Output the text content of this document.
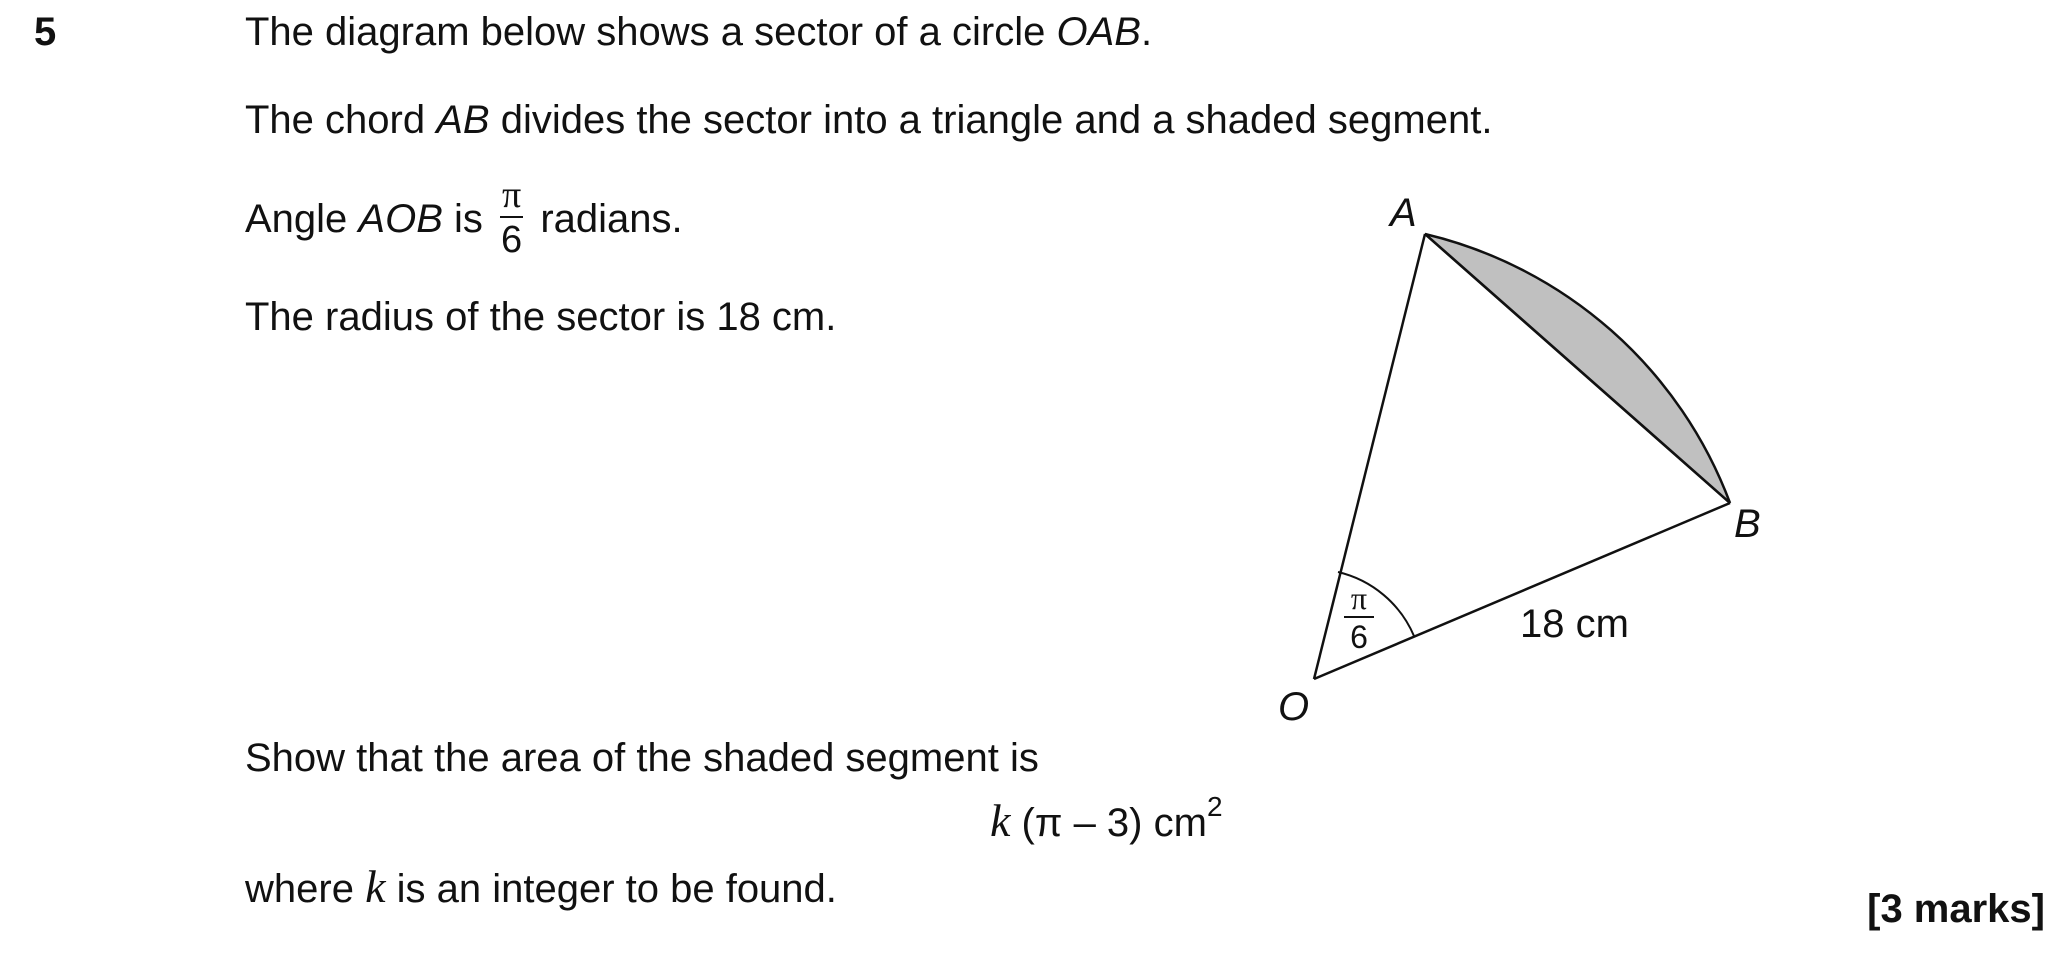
5	The diagram below shows a sector of a circle OAB.
The chord AB divides the sector into a triangle and a shaded segment.
Angle AOB is $\frac{\pi}{6}$ radians.
The radius of the sector is 18 cm.
Show that the area of the shaded segment is
k (π – 3) $cm^2$
where k is an integer to be found.	[3 marks]
A
B
O
18 cm
π
6
